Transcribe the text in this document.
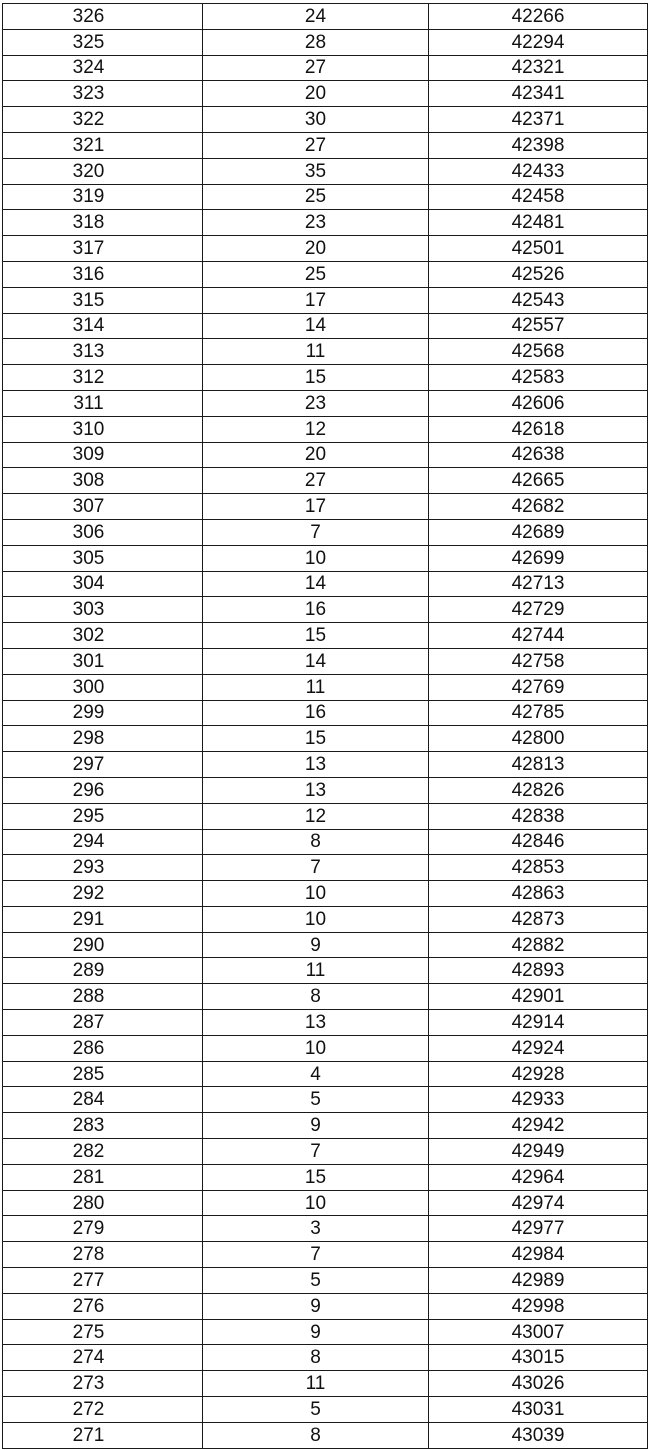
326	24	42266
325	28	42294
324	27	42321
323	20	42341
322	30	42371
321	27	42398
320	35	42433
319	25	42458
318	23	42481
317	20	42501
316	25	42526
315	17	42543
314	14	42557
313	11	42568
312	15	42583
311	23	42606
310	12	42618
309	20	42638
308	27	42665
307	17	42682
306	7	42689
305	10	42699
304	14	42713
303	16	42729
302	15	42744
301	14	42758
300	11	42769
299	16	42785
298	15	42800
297	13	42813
296	13	42826
295	12	42838
294	8	42846
293	7	42853
292	10	42863
291	10	42873
290	9	42882
289	11	42893
288	8	42901
287	13	42914
286	10	42924
285	4	42928
284	5	42933
283	9	42942
282	7	42949
281	15	42964
280	10	42974
279	3	42977
278	7	42984
277	5	42989
276	9	42998
275	9	43007
274	8	43015
273	11	43026
272	5	43031
271	8	43039
